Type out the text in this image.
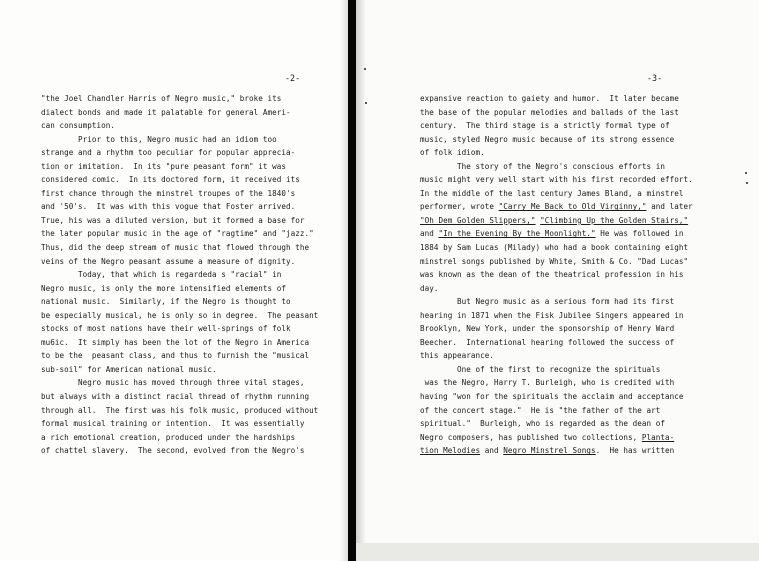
-2-
"the Joel Chandler Harris of Negro music," broke its
dialect bonds and made it palatable for general Ameri-
can consumption.
Prior to this, Negro music had an idiom too
strange and a rhythm too peculiar for popular apprecia-
tion or imitation.  In its "pure peasant form" it was
considered comic.  In its doctored form, it received its
first chance through the minstrel troupes of the 1840's
and '50's.  It was with this vogue that Foster arrived.
True, his was a diluted version, but it formed a base for
the later popular music in the age of "ragtime" and "jazz."
Thus, did the deep stream of music that flowed through the
veins of the Negro peasant assume a measure of dignity.
Today, that which is regardeda s "racial" in
Negro music, is only the more intensified elements of
national music.  Similarly, if the Negro is thought to
be especially musical, he is only so in degree.  The peasant
stocks of most nations have their well-springs of folk
mu6ic.  It simply has been the lot of the Negro in America
to be the  peasant class, and thus to furnish the "musical
sub-soil" for American national music.
Negro music has moved through three vital stages,
but always with a distinct racial thread of rhythm running
through all.  The first was his folk music, produced without
formal musical training or intention.  It was essentially
a rich emotional creation, produced under the hardships
of chattel slavery.  The second, evolved from the Negro's
-3-
expansive reaction to gaiety and humor.  It later became
the base of the popular melodies and ballads of the last
century.  The third stage is a strictly formal type of
music, styled Negro music because of its strong essence
of folk idiom.
The story of the Negro's conscious efforts in
music might very well start with his first recorded effort.
In the middle of the last century James Bland, a minstrel
performer, wrote "Carry Me Back to Old Virginny," and later
"Oh Dem Golden Slippers," "Climbing Up the Golden Stairs,"
and "In the Evening By the Moonlight." He was followed in
1884 by Sam Lucas (Milady) who had a book containing eight
minstrel songs published by White, Smith & Co. "Dad Lucas"
was known as the dean of the theatrical profession in his
day.
But Negro music as a serious form had its first
hearing in 1871 when the Fisk Jubilee Singers appeared in
Brooklyn, New York, under the sponsorship of Henry Ward
Beecher.  International hearing followed the success of
this appearance.
One of the first to recognize the spirituals
was the Negro, Harry T. Burleigh, who is credited with
having "won for the spirituals the acclaim and acceptance
of the concert stage."  He is "the father of the art
spiritual."  Burleigh, who is regarded as the dean of
Negro composers, has published two collections, Planta-
tion Melodies and Negro Minstrel Songs.  He has written
